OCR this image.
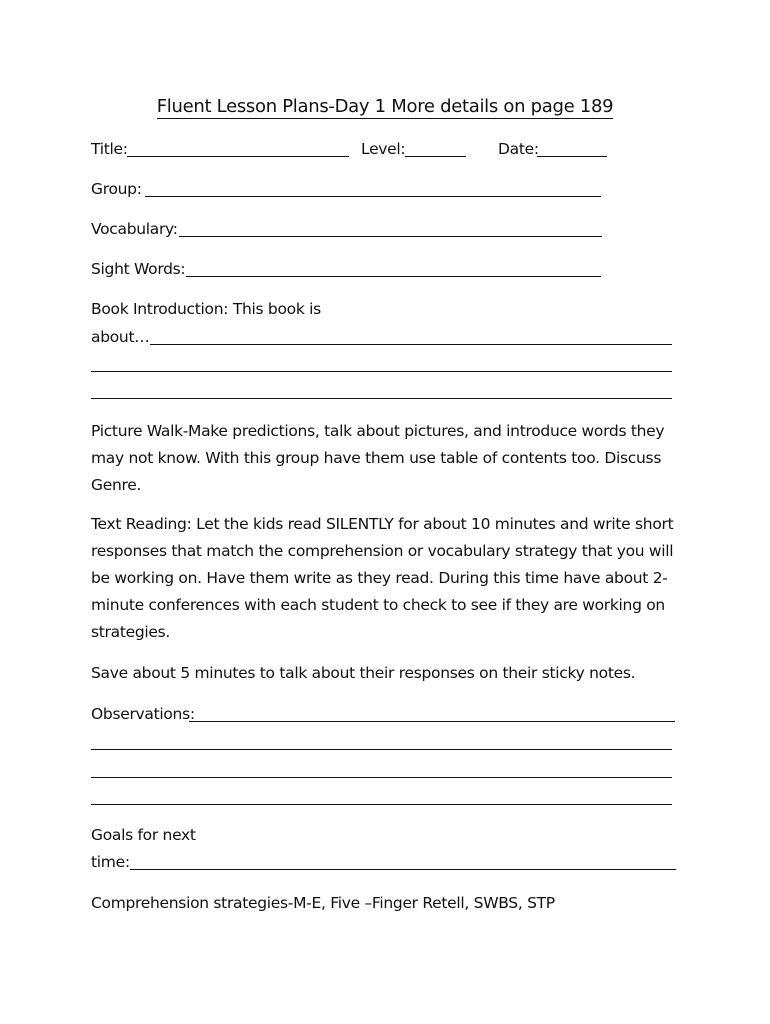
Fluent Lesson Plans-Day 1 More details on page 189
Title:	Level:	Date:
Group:
Vocabulary:
Sight Words:
Book Introduction: This book is
about…
Picture Walk-Make predictions, talk about pictures, and introduce words they may not know. With this group have them use table of contents too. Discuss Genre.
Text Reading: Let the kids read SILENTLY for about 10 minutes and write short responses that match the comprehension or vocabulary strategy that you will be working on. Have them write as they read. During this time have about 2-minute conferences with each student to check to see if they are working on strategies.
Save about 5 minutes to talk about their responses on their sticky notes.
Observations:
Goals for next
time:
Comprehension strategies-M-E, Five –Finger Retell, SWBS, STP
